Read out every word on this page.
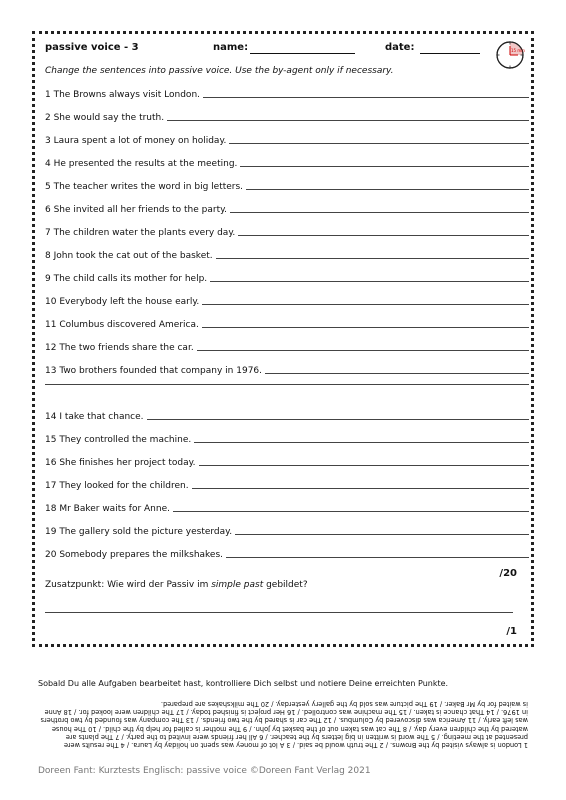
passive voice - 3	name:	date:	15 min
Change the sentences into passive voice. Use the by-agent only if necessary.
1 The Browns always visit London.
2 She would say the truth.
3 Laura spent a lot of money on holiday.
4 He presented the results at the meeting.
5 The teacher writes the word in big letters.
6 She invited all her friends to the party.
7 The children water the plants every day.
8 John took the cat out of the basket.
9 The child calls its mother for help.
10 Everybody left the house early.
11 Columbus discovered America.
12 The two friends share the car.
13 Two brothers founded that company in 1976.
14 I take that chance.
15 They controlled the machine.
16 She finishes her project today.
17 They looked for the children.
18 Mr Baker waits for Anne.
19 The gallery sold the picture yesterday.
20 Somebody prepares the milkshakes.
/20
Zusatzpunkt: Wie wird der Passiv im simple past gebildet?
/1
Sobald Du alle Aufgaben bearbeitet hast, kontrolliere Dich selbst und notiere Deine erreichten Punkte.
1 London is always visited by the Browns. / 2 The truth would be said. / 3 A lot of money was spent on holiday by Laura. / 4 The results were presented at the meeting. / 5 The word is written in big letters by the teacher. / 6 All her friends were invited to the party. / 7 The plants are watered by the children every day. / 8 The cat was taken out of the basket by John. / 9 The mother is called for help by the child. / 10 The house was left early. / 11 America was discovered by Columbus. / 12 The car is shared by the two friends. / 13 The company was founded by two brothers in 1976. / 14 That chance is taken. / 15 The machine was controlled. / 16 Her project is finished today. / 17 The children were looked for. / 18 Anne is waited for by Mr Baker. / 19 The picture was sold by the gallery yesterday. / 20 The milkshakes are prepared.
Doreen Fant: Kurztests Englisch: passive voice ©Doreen Fant Verlag 2021
